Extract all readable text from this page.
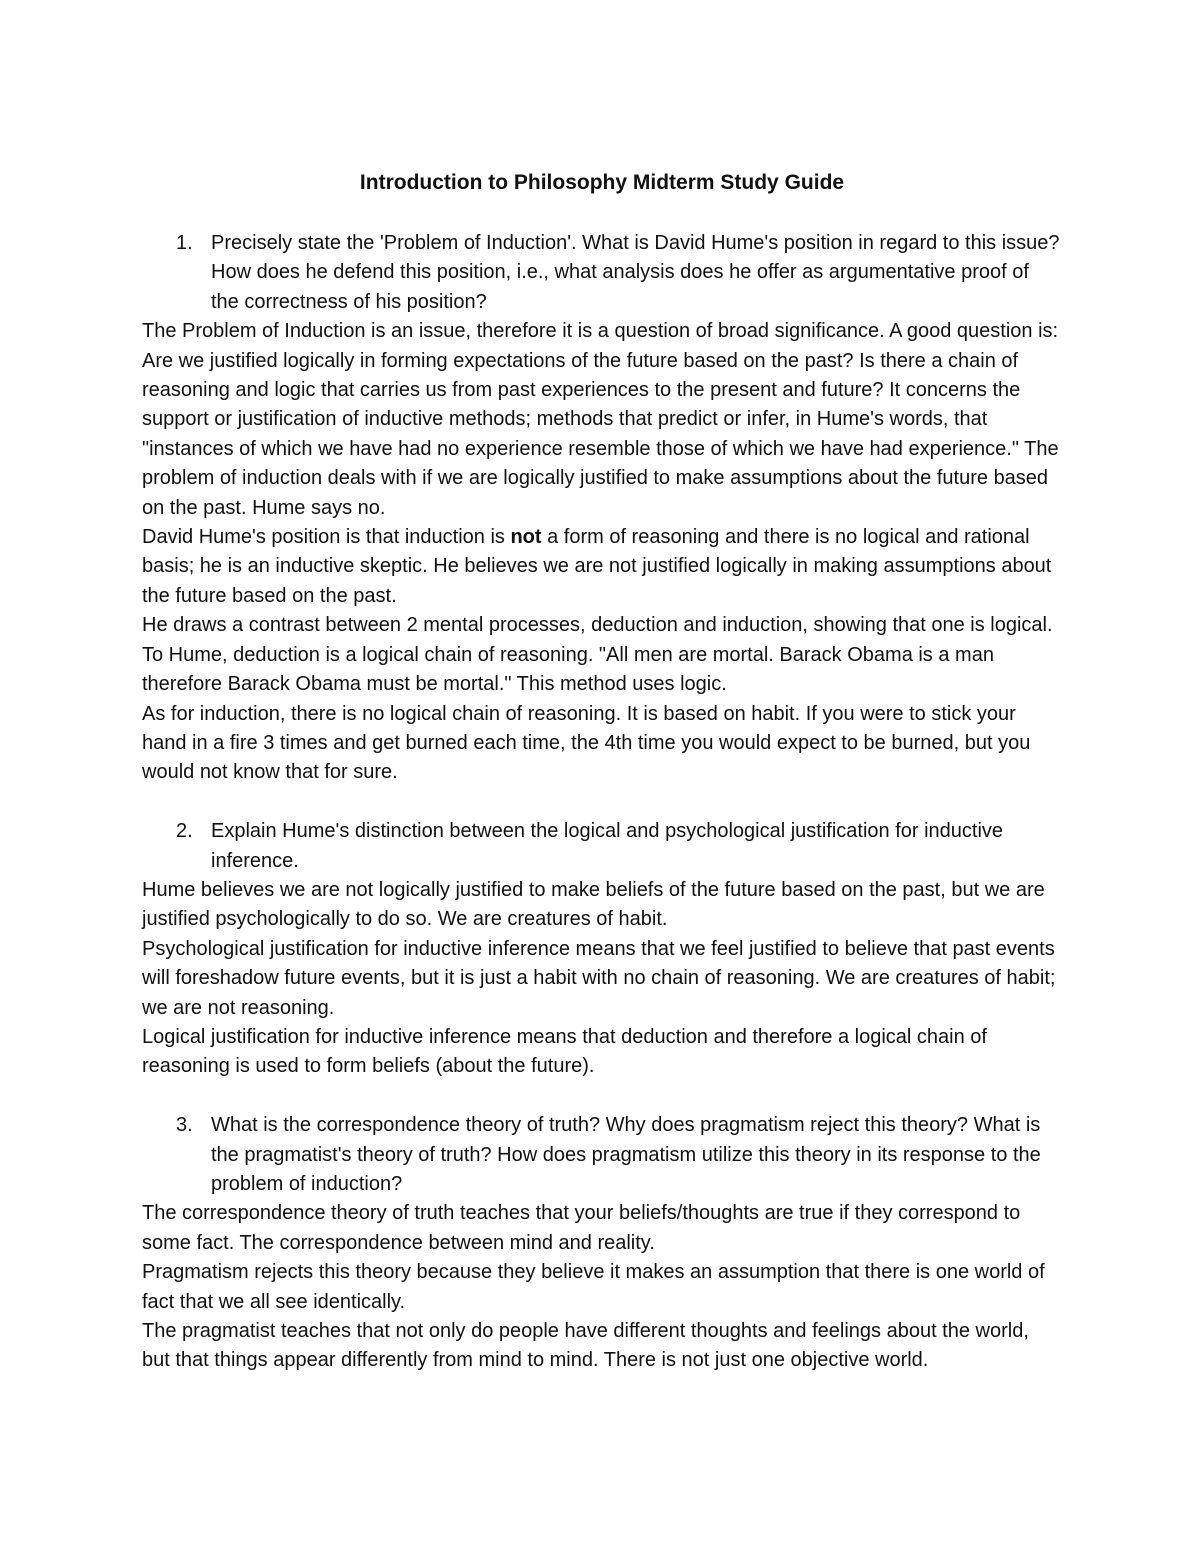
Introduction to Philosophy Midterm Study Guide
1. Precisely state the 'Problem of Induction'. What is David Hume's position in regard to this issue? How does he defend this position, i.e., what analysis does he offer as argumentative proof of the correctness of his position?

The Problem of Induction is an issue, therefore it is a question of broad significance. A good question is: Are we justified logically in forming expectations of the future based on the past? Is there a chain of reasoning and logic that carries us from past experiences to the present and future? It concerns the support or justification of inductive methods; methods that predict or infer, in Hume's words, that "instances of which we have had no experience resemble those of which we have had experience." The problem of induction deals with if we are logically justified to make assumptions about the future based on the past. Hume says no.

David Hume's position is that induction is not a form of reasoning and there is no logical and rational basis; he is an inductive skeptic. He believes we are not justified logically in making assumptions about the future based on the past.

He draws a contrast between 2 mental processes, deduction and induction, showing that one is logical. To Hume, deduction is a logical chain of reasoning. "All men are mortal. Barack Obama is a man therefore Barack Obama must be mortal." This method uses logic.

As for induction, there is no logical chain of reasoning. It is based on habit. If you were to stick your hand in a fire 3 times and get burned each time, the 4th time you would expect to be burned, but you would not know that for sure.

2. Explain Hume's distinction between the logical and psychological justification for inductive inference.

Hume believes we are not logically justified to make beliefs of the future based on the past, but we are justified psychologically to do so. We are creatures of habit.

Psychological justification for inductive inference means that we feel justified to believe that past events will foreshadow future events, but it is just a habit with no chain of reasoning. We are creatures of habit; we are not reasoning.

Logical justification for inductive inference means that deduction and therefore a logical chain of reasoning is used to form beliefs (about the future).

3. What is the correspondence theory of truth? Why does pragmatism reject this theory? What is the pragmatist's theory of truth? How does pragmatism utilize this theory in its response to the problem of induction?

The correspondence theory of truth teaches that your beliefs/thoughts are true if they correspond to some fact. The correspondence between mind and reality.

Pragmatism rejects this theory because they believe it makes an assumption that there is one world of fact that we all see identically.

The pragmatist teaches that not only do people have different thoughts and feelings about the world, but that things appear differently from mind to mind. There is not just one objective world.
